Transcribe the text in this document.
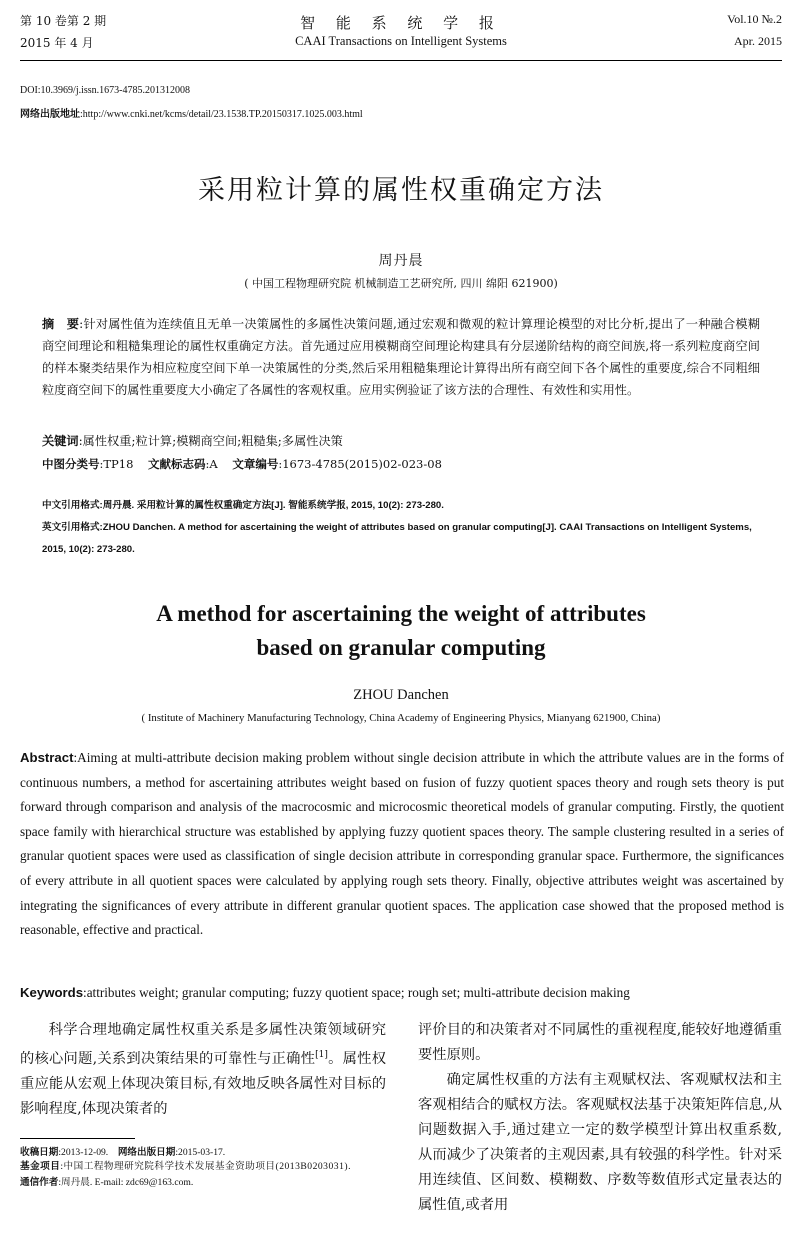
第 10 卷第 2 期
2015 年 4 月
智 能 系 统 学 报
CAAI Transactions on Intelligent Systems
Vol.10 №.2
Apr. 2015
DOI:10.3969/j.issn.1673-4785.201312008
网络出版地址:http://www.cnki.net/kcms/detail/23.1538.TP.20150317.1025.003.html
采用粒计算的属性权重确定方法
周丹晨
( 中国工程物理研究院 机械制造工艺研究所, 四川 绵阳 621900)
摘　要:针对属性值为连续值且无单一决策属性的多属性决策问题,通过宏观和微观的粒计算理论模型的对比分析,提出了一种融合模糊商空间理论和粗糙集理论的属性权重确定方法。首先通过应用模糊商空间理论构建具有分层递阶结构的商空间族,将一系列粒度商空间的样本聚类结果作为相应粒度空间下单一决策属性的分类,然后采用粗糙集理论计算得出所有商空间下各个属性的重要度,综合不同粗细粒度商空间下的属性重要度大小确定了各属性的客观权重。应用实例验证了该方法的合理性、有效性和实用性。
关键词:属性权重;粒计算;模糊商空间;粗糙集;多属性决策
中图分类号:TP18 文献标志码:A 文章编号:1673-4785(2015)02-023-08
中文引用格式:周丹晨. 采用粒计算的属性权重确定方法[J]. 智能系统学报, 2015, 10(2): 273-280.
英文引用格式:ZHOU Danchen. A method for ascertaining the weight of attributes based on granular computing[J]. CAAI Transactions on Intelligent Systems, 2015, 10(2): 273-280.
A method for ascertaining the weight of attributes
based on granular computing
ZHOU Danchen
( Institute of Machinery Manufacturing Technology, China Academy of Engineering Physics, Mianyang 621900, China)
Abstract:Aiming at multi-attribute decision making problem without single decision attribute in which the attribute values are in the forms of continuous numbers, a method for ascertaining attributes weight based on fusion of fuzzy quotient spaces theory and rough sets theory is put forward through comparison and analysis of the macrocosmic and microcosmic theoretical models of granular computing. Firstly, the quotient space family with hierarchical structure was established by applying fuzzy quotient spaces theory. The sample clustering resulted in a series of granular quotient spaces were used as classification of single decision attribute in corresponding granular space. Furthermore, the significances of every attribute in all quotient spaces were calculated by applying rough sets theory. Finally, objective attributes weight was ascertained by integrating the significances of every attribute in different granular quotient spaces. The application case showed that the proposed method is reasonable, effective and practical.
Keywords:attributes weight; granular computing; fuzzy quotient space; rough set; multi-attribute decision making
科学合理地确定属性权重关系是多属性决策领域研究的核心问题,关系到决策结果的可靠性与正确性[1]。属性权重应能从宏观上体现决策目标,有效地反映各属性对目标的影响程度,体现决策者的
评价目的和决策者对不同属性的重视程度,能较好地遵循重要性原则。
确定属性权重的方法有主观赋权法、客观赋权法和主客观相结合的赋权方法。客观赋权法基于决策矩阵信息,从问题数据入手,通过建立一定的数学模型计算出权重系数,从而减少了决策者的主观因素,具有较强的科学性。针对采用连续值、区间数、模糊数、序数等数值形式定量表达的属性值,或者用
收稿日期:2013-12-09. 网络出版日期:2015-03-17.
基金项目:中国工程物理研究院科学技术发展基金资助项目(2013B0203031).
通信作者:周丹晨. E-mail: zdc69@163.com.
